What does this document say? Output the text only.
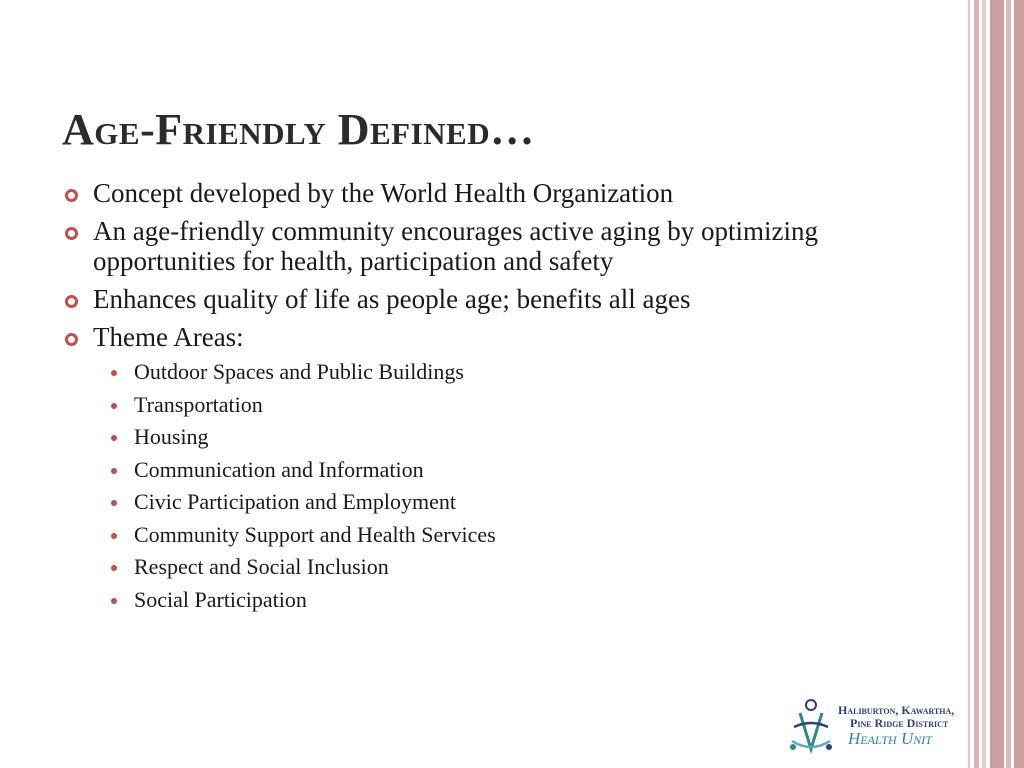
Age-Friendly Defined…
Concept developed by the World Health Organization
An age-friendly community encourages active aging by optimizing opportunities for health, participation and safety
Enhances quality of life as people age; benefits all ages
Theme Areas:
Outdoor Spaces and Public Buildings
Transportation
Housing
Communication and Information
Civic Participation and Employment
Community Support and Health Services
Respect and Social Inclusion
Social Participation
Haliburton, Kawartha,
Pine Ridge District
Health Unit
